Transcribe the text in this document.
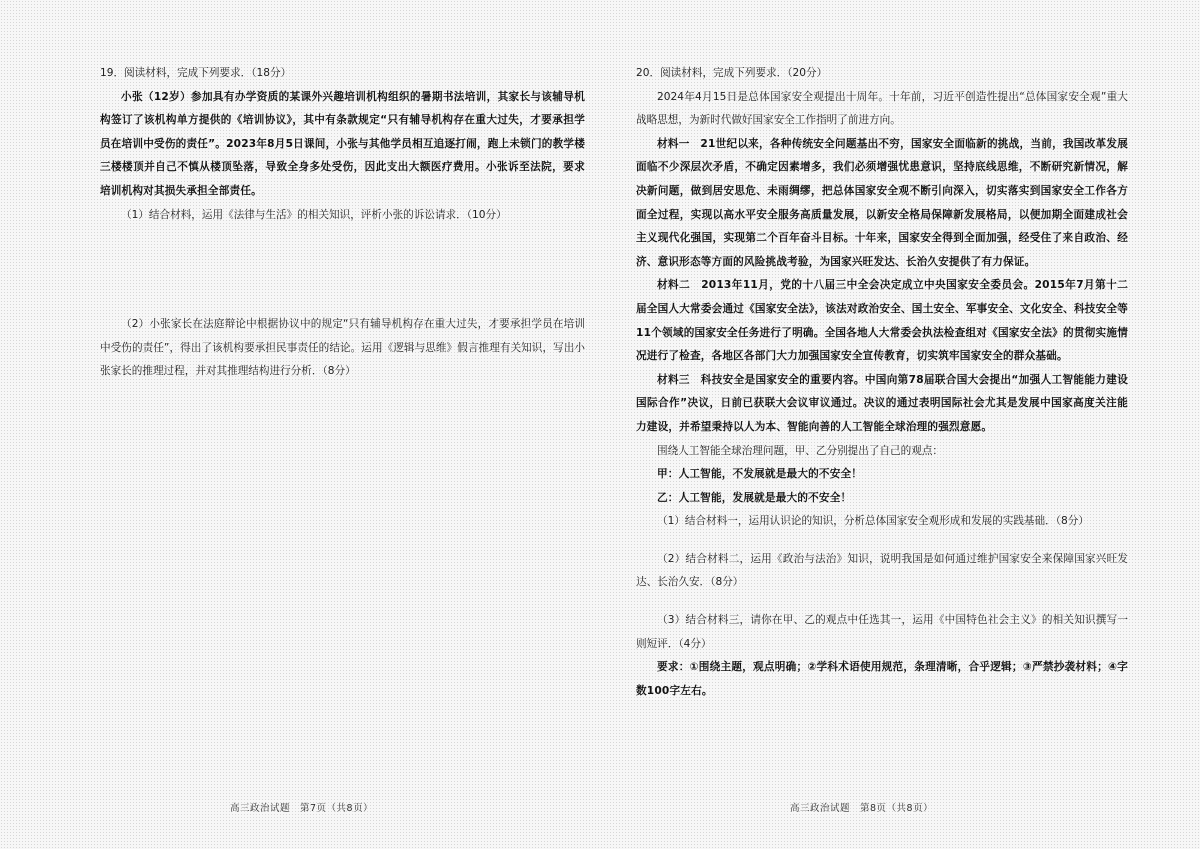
19．阅读材料，完成下列要求．（18分）

小张（12岁）参加具有办学资质的某课外兴趣培训机构组织的暑期书法培训，其家长与该辅导机构签订了该机构单方提供的《培训协议》，其中有条款规定“只有辅导机构存在重大过失，才要承担学员在培训中受伤的责任”。2023年8月5日课间，小张与其他学员相互追逐打闹，跑上未锁门的教学楼三楼楼顶并自己不慎从楼顶坠落，导致全身多处受伤，因此支出大额医疗费用。小张诉至法院，要求培训机构对其损失承担全部责任。

（1）结合材料，运用《法律与生活》的相关知识，评析小张的诉讼请求．（10分）

（2）小张家长在法庭辩论中根据协议中的规定“只有辅导机构存在重大过失，才要承担学员在培训中受伤的责任”，得出了该机构要承担民事责任的结论。运用《逻辑与思维》假言推理有关知识，写出小张家长的推理过程，并对其推理结构进行分析．（8分）

20．阅读材料，完成下列要求．（20分）

2024年4月15日是总体国家安全观提出十周年。十年前，习近平创造性提出“总体国家安全观”重大战略思想，为新时代做好国家安全工作指明了前进方向。

材料一　21世纪以来，各种传统安全问题基出不穷，国家安全面临新的挑战，当前，我国改革发展面临不少深层次矛盾，不确定因素增多，我们必须增强忧患意识，坚持底线思维，不断研究新情况，解决新问题，做到居安思危、未雨绸缪，把总体国家安全观不断引向深入，切实落实到国家安全工作各方面全过程，实现以高水平安全服务高质量发展，以新安全格局保障新发展格局，以便加期全面建成社会主义现代化强国，实现第二个百年奋斗目标。十年来，国家安全得到全面加强，经受住了来自政治、经济、意识形态等方面的风险挑战考验，为国家兴旺发达、长治久安提供了有力保证。

材料二　2013年11月，党的十八届三中全会决定成立中央国家安全委员会。2015年7月第十二届全国人大常委会通过《国家安全法》，该法对政治安全、国土安全、军事安全、文化安全、科技安全等11个领域的国家安全任务进行了明确。全国各地人大常委会执法检查组对《国家安全法》的贯彻实施情况进行了检查，各地区各部门大力加强国家安全宣传教育，切实筑牢国家安全的群众基础。

材料三　科技安全是国家安全的重要内容。中国向第78届联合国大会提出“加强人工智能能力建设国际合作”决议，日前已获联大会议审议通过。决议的通过表明国际社会尤其是发展中国家高度关注能力建设，并希望秉持以人为本、智能向善的人工智能全球治理的强烈意愿。

围绕人工智能全球治理问题，甲、乙分别提出了自己的观点：

甲：人工智能，不发展就是最大的不安全！

乙：人工智能，发展就是最大的不安全！

（1）结合材料一，运用认识论的知识，分析总体国家安全观形成和发展的实践基础．（8分）

（2）结合材料二，运用《政治与法治》知识，说明我国是如何通过维护国家安全来保障国家兴旺发达、长治久安．（8分）

（3）结合材料三，请你在甲、乙的观点中任选其一，运用《中国特色社会主义》的相关知识撰写一则短评．（4分）

要求：①围绕主题，观点明确；②学科术语使用规范，条理清晰，合乎逻辑；③严禁抄袭材料；④字数100字左右。

高三政治试题　第7页（共8页）	高三政治试题　第8页（共8页）
